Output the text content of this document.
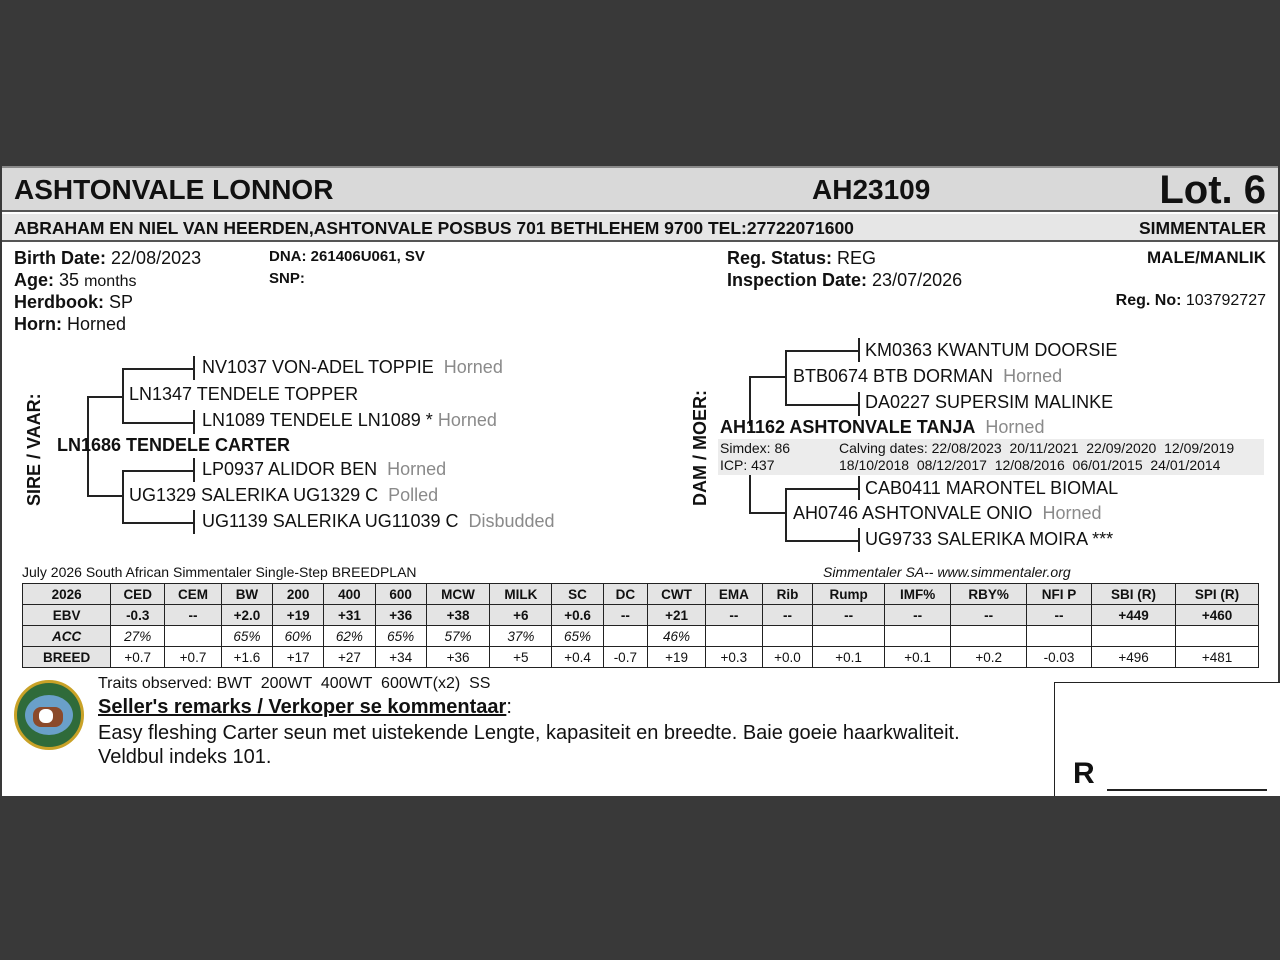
ASHTONVALE LONNOR	AH23109	Lot. 6
ABRAHAM EN NIEL VAN HEERDEN,ASHTONVALE POSBUS 701 BETHLEHEM 9700 TEL:27722071600	SIMMENTALER
Birth Date: 22/08/2023
Age: 35 months
Herdbook: SP
Horn: Horned
DNA: 261406U061, SV
SNP:
Reg. Status: REG
Inspection Date: 23/07/2026
MALE/MANLIK
Reg. No: 103792727
SIRE / VAAR:
NV1037 VON-ADEL TOPPIE Horned
LN1347 TENDELE TOPPER
LN1089 TENDELE LN1089 * Horned
LN1686 TENDELE CARTER
LP0937 ALIDOR BEN Horned
UG1329 SALERIKA UG1329 C Polled
UG1139 SALERIKA UG11039 C Disbudded
DAM / MOER:
KM0363 KWANTUM DOORSIE
BTB0674 BTB DORMAN Horned
DA0227 SUPERSIM MALINKE
AH1162 ASHTONVALE TANJA Horned
Simdex: 86
ICP: 437
Calving dates: 22/08/2023  20/11/2021  22/09/2020  12/09/2019
18/10/2018  08/12/2017  12/08/2016  06/01/2015  24/01/2014
CAB0411 MARONTEL BIOMAL
AH0746 ASHTONVALE ONIO Horned
UG9733 SALERIKA MOIRA ***
July 2026 South African Simmentaler Single-Step BREEDPLAN	Simmentaler SA-- www.simmentaler.org
2026	CED	CEM	BW	200	400	600	MCW	MILK	SC	DC	CWT	EMA	Rib	Rump	IMF%	RBY%	NFI P	SBI (R)	SPI (R)
EBV	-0.3	--	+2.0	+19	+31	+36	+38	+6	+0.6	--	+21	--	--	--	--	--	--	+449	+460
ACC	27%		65%	60%	62%	65%	57%	37%	65%		46%								
BREED	+0.7	+0.7	+1.6	+17	+27	+34	+36	+5	+0.4	-0.7	+19	+0.3	+0.0	+0.1	+0.1	+0.2	-0.03	+496	+481
Traits observed: BWT  200WT  400WT  600WT(x2)  SS
Seller's remarks / Verkoper se kommentaar:
Easy fleshing Carter seun met uistekende Lengte, kapasiteit en breedte. Baie goeie haarkwaliteit.
Veldbul indeks 101.	R
